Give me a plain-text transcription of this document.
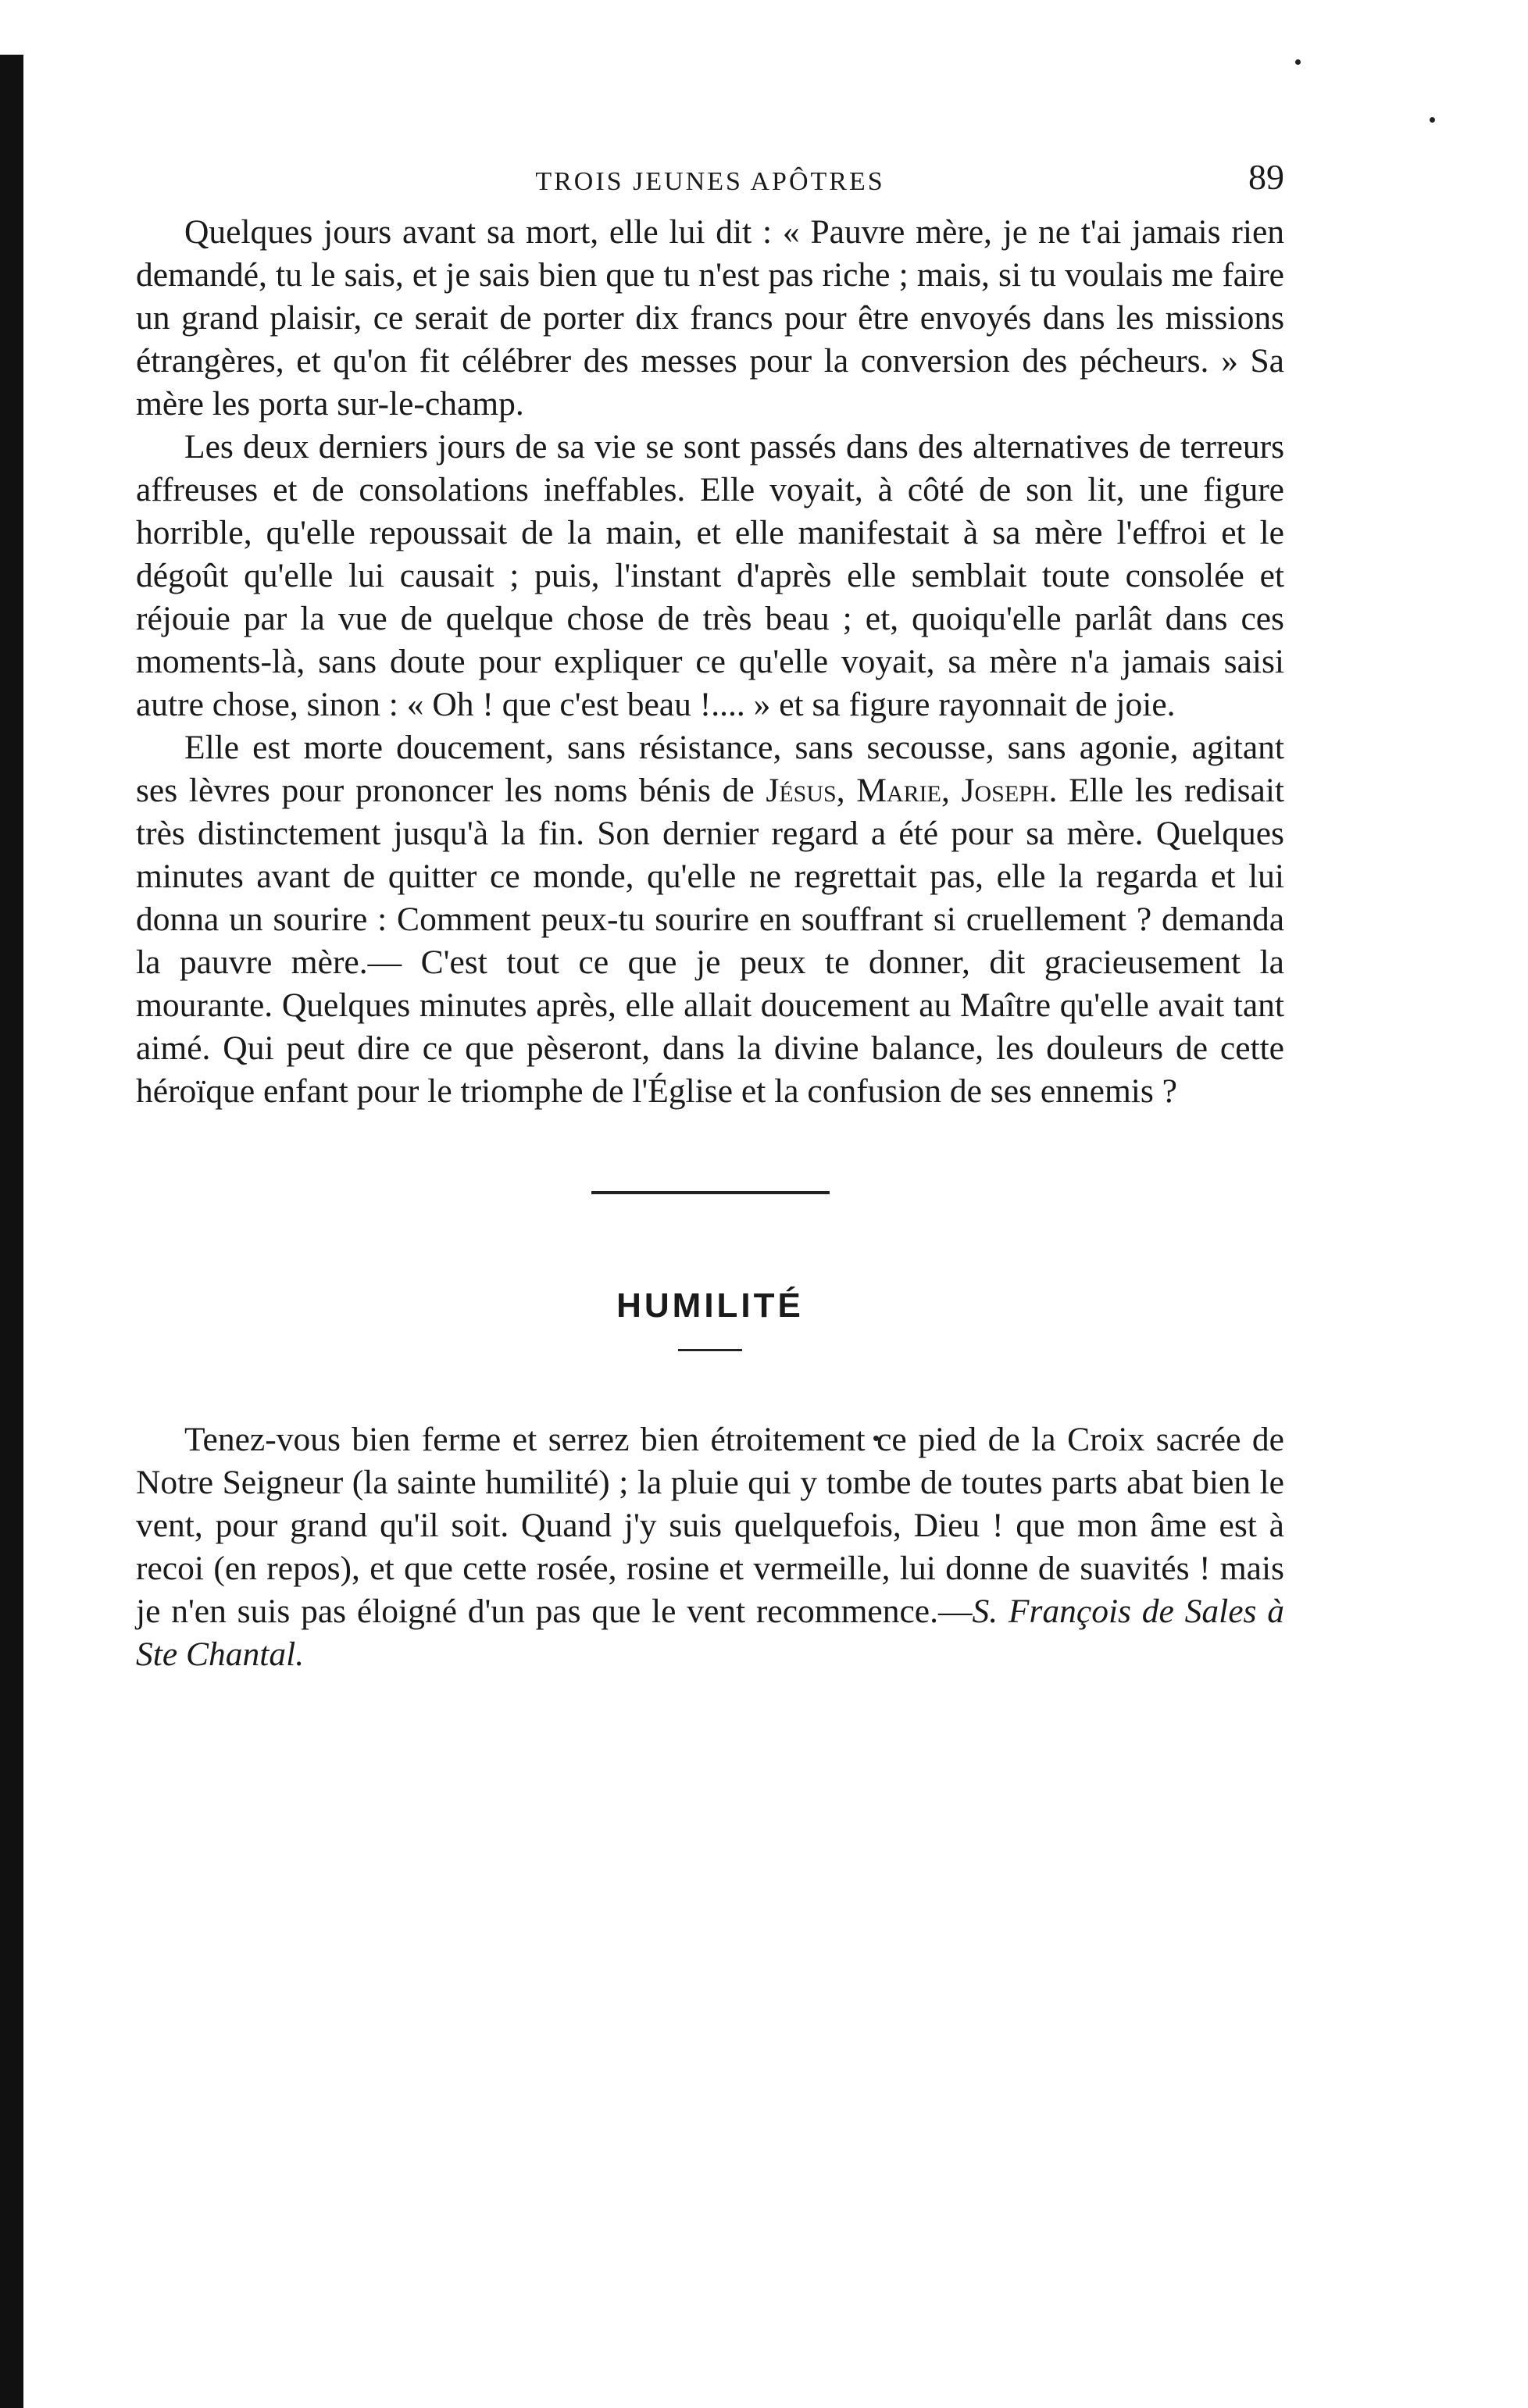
TROIS JEUNES APÔTRES	89

Quelques jours avant sa mort, elle lui dit : « Pauvre mère, je ne t'ai jamais rien demandé, tu le sais, et je sais bien que tu n'est pas riche ; mais, si tu voulais me faire un grand plaisir, ce serait de porter dix francs pour être envoyés dans les missions étrangères, et qu'on fit célébrer des messes pour la conversion des pécheurs. » Sa mère les porta sur-le-champ.

Les deux derniers jours de sa vie se sont passés dans des alternatives de terreurs affreuses et de consolations ineffables. Elle voyait, à côté de son lit, une figure horrible, qu'elle repoussait de la main, et elle manifestait à sa mère l'effroi et le dégoût qu'elle lui causait ; puis, l'instant d'après elle semblait toute consolée et réjouie par la vue de quelque chose de très beau ; et, quoiqu'elle parlât dans ces moments-là, sans doute pour expliquer ce qu'elle voyait, sa mère n'a jamais saisi autre chose, sinon : « Oh ! que c'est beau !.... » et sa figure rayonnait de joie.

Elle est morte doucement, sans résistance, sans secousse, sans agonie, agitant ses lèvres pour prononcer les noms bénis de Jésus, Marie, Joseph. Elle les redisait très distinctement jusqu'à la fin. Son dernier regard a été pour sa mère. Quelques minutes avant de quitter ce monde, qu'elle ne regrettait pas, elle la regarda et lui donna un sourire : Comment peux-tu sourire en souffrant si cruellement ? demanda la pauvre mère.— C'est tout ce que je peux te donner, dit gracieusement la mourante. Quelques minutes après, elle allait doucement au Maître qu'elle avait tant aimé. Qui peut dire ce que pèseront, dans la divine balance, les douleurs de cette héroïque enfant pour le triomphe de l'Église et la confusion de ses ennemis ?

HUMILITÉ

Tenez-vous bien ferme et serrez bien étroitement ce pied de la Croix sacrée de Notre Seigneur (la sainte humilité) ; la pluie qui y tombe de toutes parts abat bien le vent, pour grand qu'il soit. Quand j'y suis quelquefois, Dieu ! que mon âme est à recoi (en repos), et que cette rosée, rosine et vermeille, lui donne de suavités ! mais je n'en suis pas éloigné d'un pas que le vent recommence.—S. François de Sales à Ste Chantal.
